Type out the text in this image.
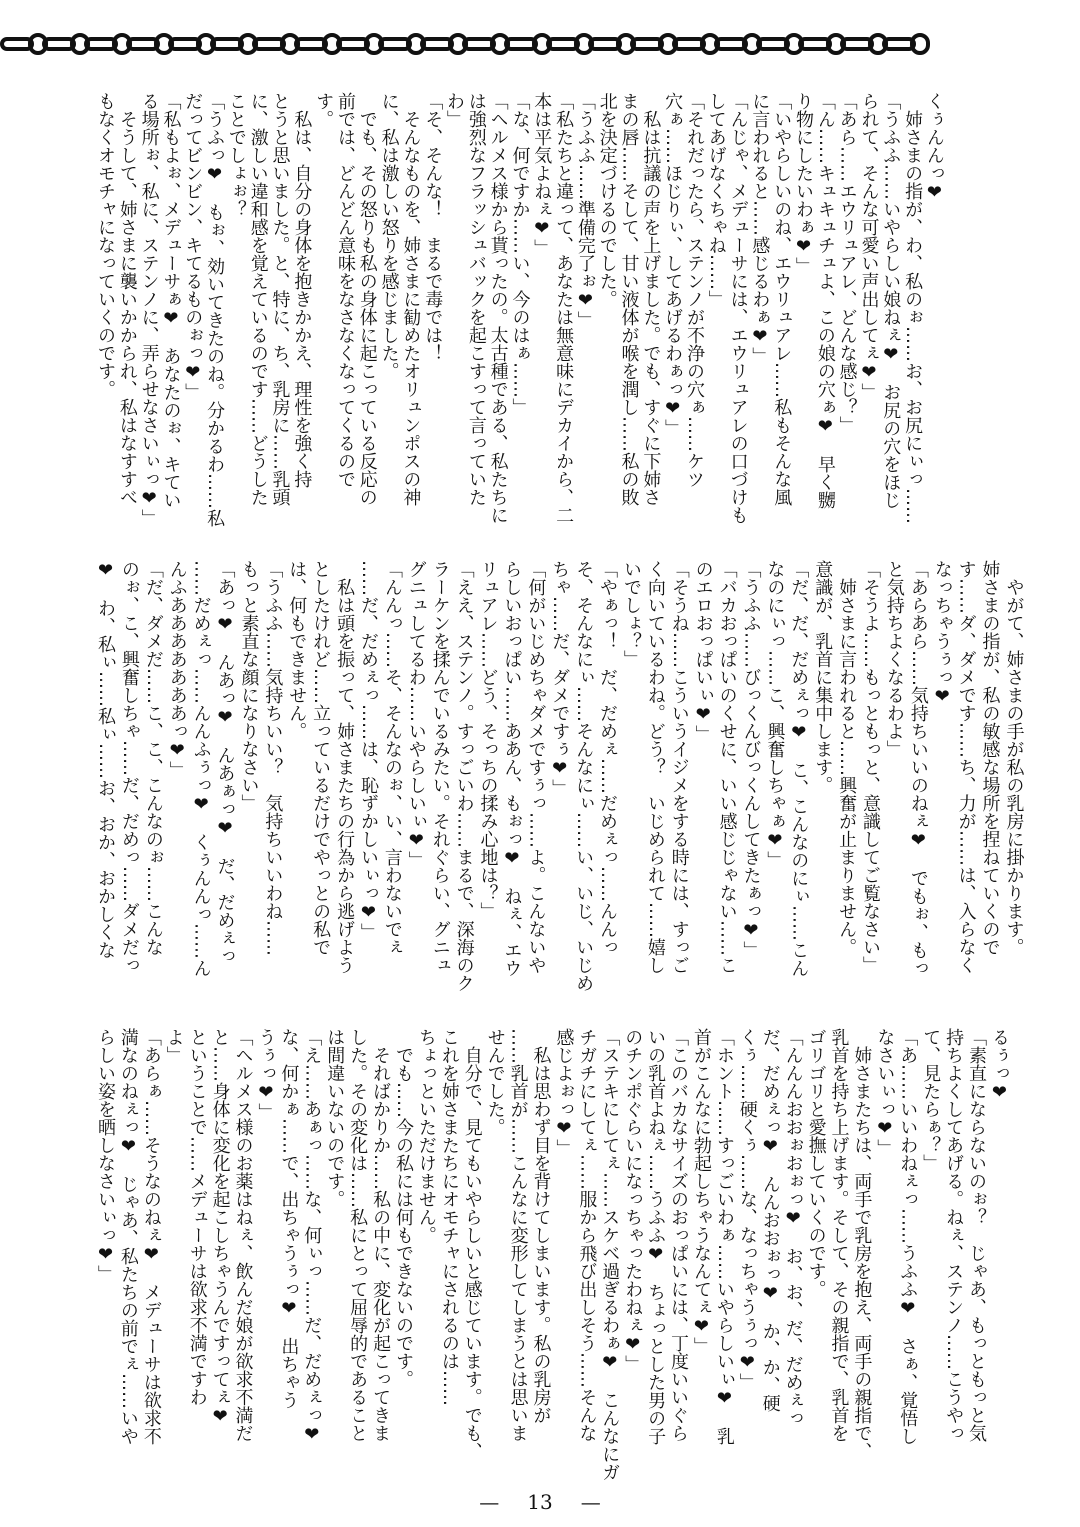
くぅんんっ❤
　姉さまの指が、わ、私のぉ……お、お尻にぃっ……
「うふふ……いやらしい娘ねぇ❤　お尻の穴をほじ
られて、そんな可愛い声出してぇ❤」
「あら……エウリュアレ、どんな感じ？」
「ん……キュキュチュよ、この娘の穴ぁ❤　早く嬲
り物にしたいわぁ❤」
「いやらしいのね、エウリュアレ……私もそんな風
に言われると……感じるわぁ❤」
「んじゃ、メデューサには、エウリュアレの口づけも
してあげなくちゃね……」
「それだったら、ステンノが不浄の穴ぁ……ケツ
穴ぁ……ほじりぃ、してあげるわぁっ❤」
　私は抗議の声を上げました。でも、すぐに下姉さ
まの唇……そして、甘い液体が喉を潤し……私の敗
北を決定づけるのでした。
「うふふ……準備完了ぉ❤」
「私たちと違って、あなたは無意味にデカイから、二
本は平気よねぇ❤」
「な、何ですか……い、今のはぁ……」
「ヘルメス様から貰ったの。太古種である、私たちに
は強烈なフラッシュバックを起こすって言っていた
わ」
「そ、そんな！　まるで毒では！
　そんなものを、姉さまに勧めたオリュンポスの神
に、私は激しい怒りを感じました。
　でも、その怒りも私の身体に起こっている反応の
前では、どんどん意味をなさなくなってくるので
す。
　私は、自分の身体を抱きかかえ、理性を強く持
とうと思いました。と、特に、ち、乳房に……乳頭
に、激しい違和感を覚えているのです……どうした
ことでしょぉ？
「うふっ❤　もぉ、効いてきたのね。分かるわ……私
だってビンビン、キてるものぉっ❤」
「私もよぉ、メデューサぁ❤　あなたのぉ、キてい
る場所ぉ、私に、ステンノに、弄らせなさいぃっ❤」
　そうして、姉さまに襲いかかられ、私はなすすべ
もなくオモチャになっていくのです。
　やがて、姉さまの手が私の乳房に掛かります。
姉さまの指が、私の敏感な場所を捏ねていくので
す……ダ、ダメです……ち、力が……は、入らなく
なっちゃうぅっ❤
「あらあら……気持ちいいのねぇ❤　でもぉ、もっ
と気持ちよくなるわよ」
「そうよ……もっともっと、意識してご覧なさい」
　姉さまに言われると……興奮が止まりません。
意識が、乳首に集中します。
「だ、だ、だめぇっ❤　こ、こんなのにぃ……こん
なのにぃっ……こ、興奮しちゃぁ❤」
「うふふ……びっくんびっくんしてきたぁっ❤」
「バカおっぱいのくせに、いい感じじゃない……こ
のエロおっぱいぃ❤」
「そうね……こういうイジメをする時には、すっご
く向いているわね。どう？　いじめられて……嬉し
いでしょ？」
「やぁっ！　だ、だめぇ……だめぇっ……んんっ
そ、そんなにぃ……そんなにぃ……い、いじ、いじめ
ちゃ……だ、ダメですぅ❤」
「何がいじめちゃダメですぅっ……よ。こんないや
らしいおっぱい……ああん、もぉっ❤　ねぇ、エウ
リュアレ……どう、そっちの揉み心地は？」
「ええ、ステンノ。すっごいわ……まるで、深海のク
ラーケンを揉んでいるみたい。それぐらい、グニュ
グニュしてるわ……いやらしいぃ❤」
「んんっ……そ、そんなのぉ、い、言わないでぇ
……だ、だめぇっ……は、恥ずかしいぃっ❤」
　私は頭を振って、姉さまたちの行為から逃げよう
としたけれど……立っているだけでやっとの私で
は、何もできません。
「うふふ……気持ちいい？　気持ちいいわね……
もっと素直な顔になりなさい」
「あっ❤　んあっ❤　んあぁっ❤　だ、だめぇっ
……だめぇっ……んんふぅっ❤　くぅんんっ……ん
んふあああああああっ❤」
「だ、ダメだ……こ、こ、こんなのぉ……こんな
のぉ、こ、興奮しちゃ……だ、だめっ……ダメだっ
❤　わ、私ぃ……私ぃ……お、おか、おかしくな
るぅっ❤
「素直にならないのぉ？　じゃあ、もっともっと気
持ちよくしてあげる。ねぇ、ステンノ……こうやっ
て、見たらぁ？」
「あ……いいわねぇっ……うふふ❤　さぁ、覚悟し
なさいぃっ❤」
　姉さまたちは、両手で乳房を抱え、両手の親指で、
乳首を持ち上げます。そして、その親指で、乳首を
ゴリゴリと愛撫していくのです。
「んんんおおぉおぉっ❤　お、お、だ、だめぇっ
だ、だめぇっ❤　んんおおぉっ❤　か、か、硬
くぅ……硬くぅ……な、なっちゃうぅっ❤」
「ホント……すっごいわぁ……いやらしいぃ❤　乳
首がこんなに勃起しちゃうなんてぇ❤」
「このバカなサイズのおっぱいには、丁度いいぐら
いの乳首よねぇ……うふふ❤　ちょっとした男の子
のチンポぐらいになっちゃったわねぇ❤」
「ステキにしてぇ……スケベ過ぎるわぁ❤　こんなにガ
チガチにしてぇ……服から飛び出しそう……そんな
感じよぉっ❤」
　私は思わず目を背けてしまいます。私の乳房が
……乳首が……こんなに変形してしまうとは思いま
せんでした。
　自分で、見てもいやらしいと感じています。でも、
これを姉さまたちにオモチャにされるのは……
ちょっといただけません。
　でも……今の私には何もできないのです。
　そればかりか……私の中に、変化が起こってきま
した。その変化は……私にとって屈辱的であること
は間違いないのです。
「え……あぁっ……な、何ぃっ……だ、だめぇっ❤
な、何かぁ……で、出ちゃうぅっ❤　出ちゃう
うぅっ❤」
「ヘルメス様のお薬はねぇ、飲んだ娘が欲求不満だ
と……身体に変化を起こしちゃうんですってぇ❤
ということで……メデューサは欲求不満ですわ
よ」
「あらぁ……そうなのねぇ❤　メデューサは欲求不
満なのねぇっ❤　じゃあ、私たちの前でぇ……いや
らしい姿を晒しなさいぃっ❤」
— 13 —
